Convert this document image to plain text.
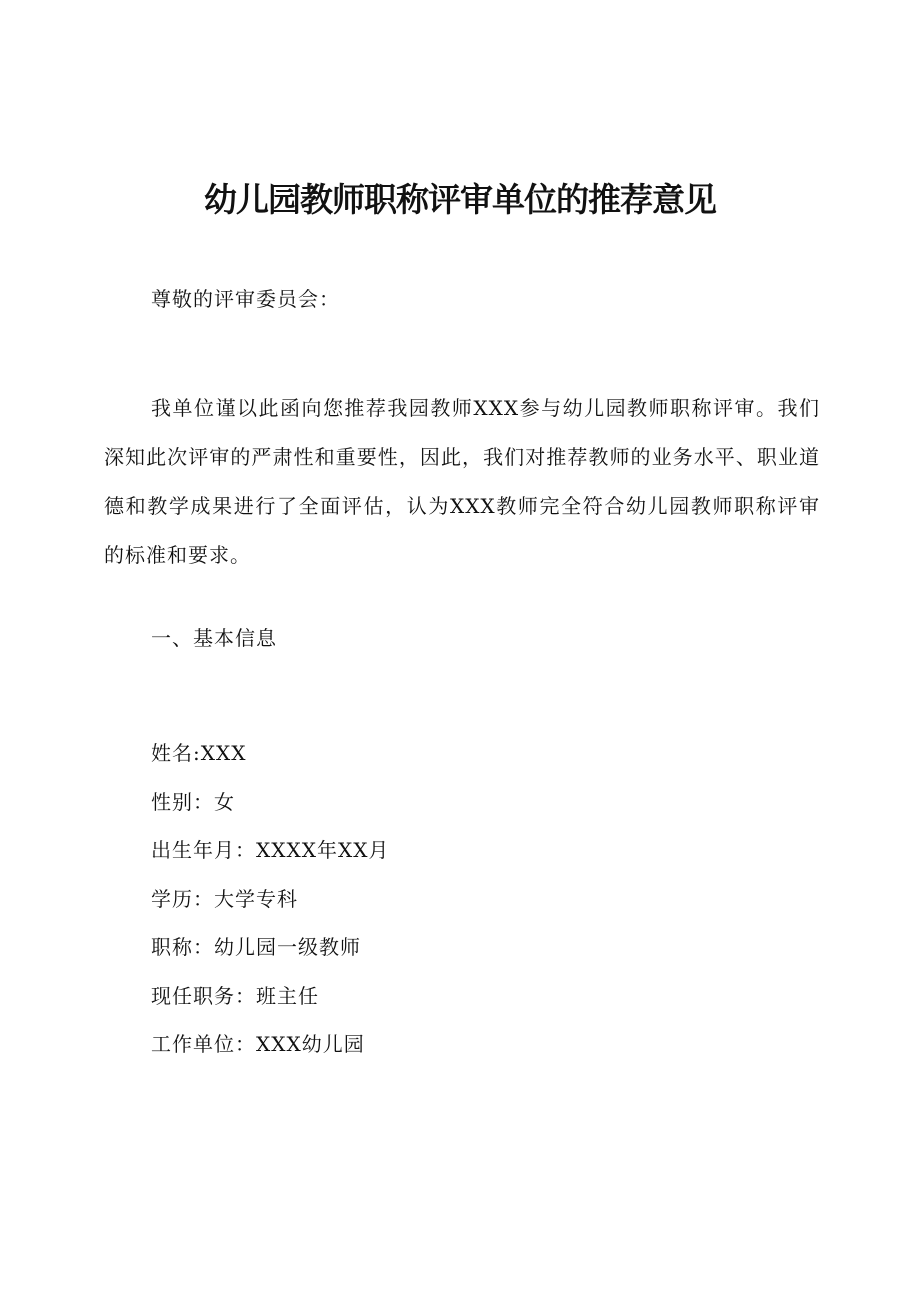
幼儿园教师职称评审单位的推荐意见
尊敬的评审委员会：
我单位谨以此函向您推荐我园教师XXX参与幼儿园教师职称评审。我们深知此次评审的严肃性和重要性，因此，我们对推荐教师的业务水平、职业道德和教学成果进行了全面评估，认为XXX教师完全符合幼儿园教师职称评审的标准和要求。
一、基本信息
姓名:XXX
性别：女
出生年月：XXXX年XX月
学历：大学专科
职称：幼儿园一级教师
现任职务：班主任
工作单位：XXX幼儿园
